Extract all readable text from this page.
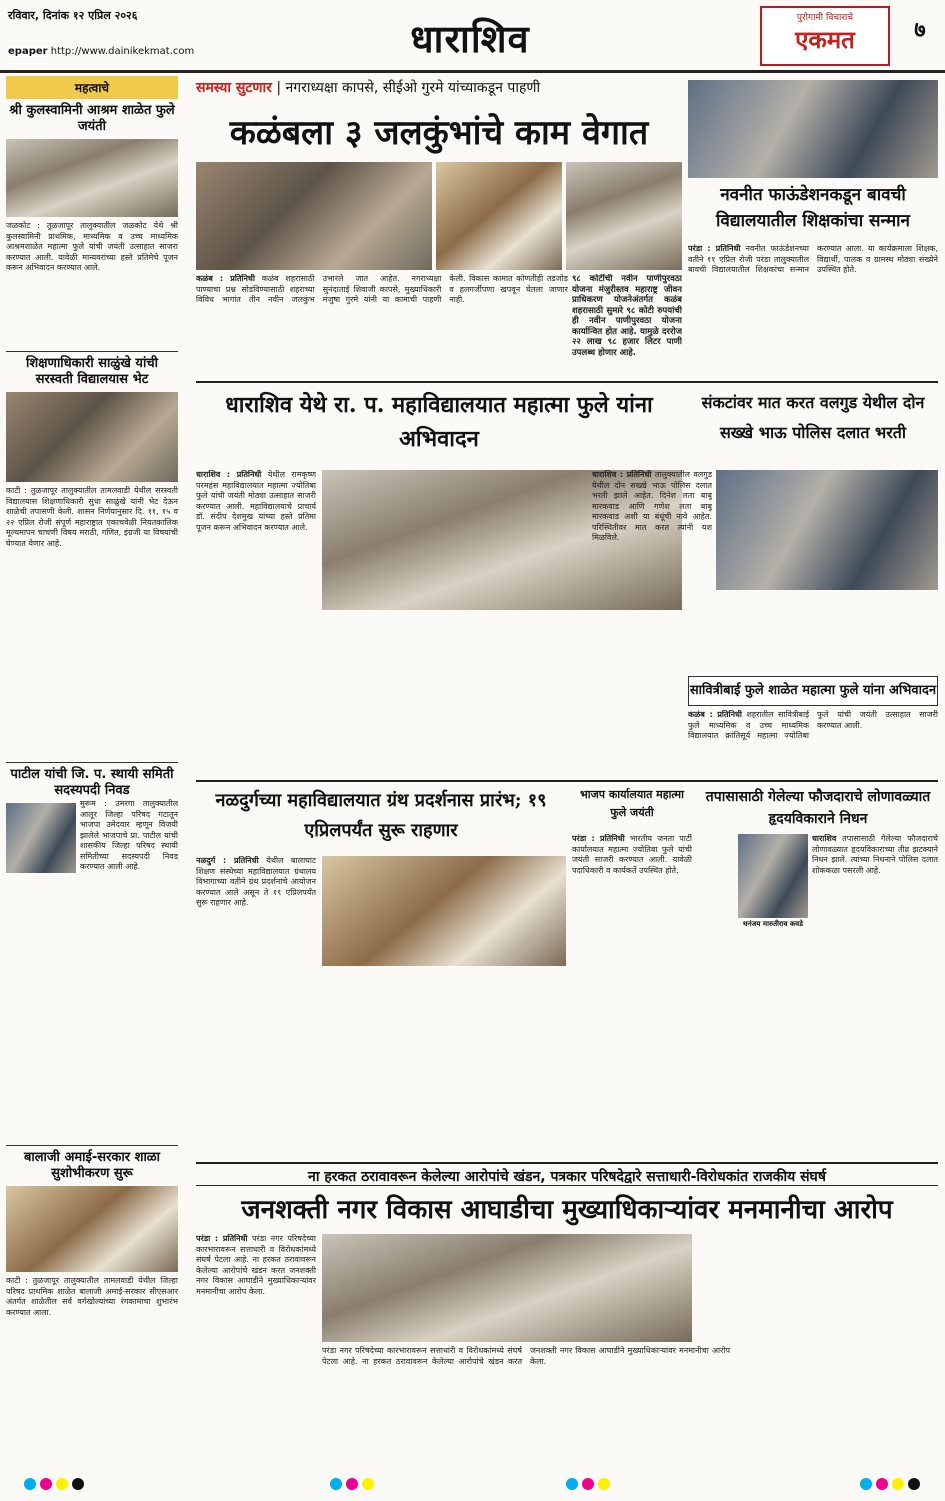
रविवार, दिनांक १२ एप्रिल २०२६
epaper http://www.dainikekmat.com	धाराशिव	पुरोगामी विचाराचे
एकमत	७
महत्वाचे
श्री कुलस्वामिनी आश्रम शाळेत फुले जयंती
जळकोट : तुळजापूर तालुक्यातील जळकोट येथे श्री कुलस्वामिनी प्राथमिक, माध्यमिक व उच्च माध्यमिक आश्रमशाळेत महात्मा फुले यांची जयंती उत्साहात साजरा करण्यात आली. यावेळी मान्यवरांच्या हस्ते प्रतिमेचे पूजन करून अभिवादन करण्यात आले.
शिक्षणाधिकारी साळुंखे यांची सरस्वती विद्यालयास भेट
काटी : तुळजापूर तालुक्यातील तामलवाडी येथील सरस्वती विद्यालयास शिक्षणाधिकारी सुधा साळुंखे यांनी भेट देऊन शाळेची तपासणी केली. शासन निर्णयानुसार दि. ११, १५ व २२ एप्रिल रोजी संपूर्ण महाराष्ट्रात एकाचवेळी नियतकालिक मूल्यमापन चाचणी विषय मराठी, गणित, इंग्रजी या विषयांची घेण्यात येणार आहे.
पाटील यांची जि. प. स्थायी समिती सदस्यपदी निवड
मुरूम : उमरगा तालुक्यातील आलूर जिल्हा परिषद गटातून भाजपा उमेदवार म्हणून विजयी झालेले भाजपाचे प्रा. पाटील यांची शासकीय जिल्हा परिषद स्थायी समितीच्या सदस्यपदी निवड करण्यात आली आहे.
बालाजी अमाई-सरकार शाळा सुशोभीकरण सुरू
काटी : तुळजापूर तालुक्यातील तामलवाडी येथील जिल्हा परिषद प्राथमिक शाळेत बालाजी अमाई-सरकार सीएसआर अंतर्गत शाळेतील सर्व वर्गखोल्यांच्या रंगकामाचा शुभारंभ करण्यात आला.
समस्या सुटणार | नगराध्यक्षा कापसे, सीईओ गुरमे यांच्याकडून पाहणी
कळंबला ३ जलकुंभांचे काम वेगात
कळंब : प्रतिनिधी कळंब शहरासाठी पाण्याचा प्रश्न सोडविण्यासाठी शहराच्या विविध भागांत तीन नवीन जलकुंभ उभारले जात आहेत. नगराध्यक्षा सुनंदाताई शिवाजी कापसे, मुख्याधिकारी मंजुषा गुरमे यांनी या कामाची पाहणी केली. विकास कामात कोणतीही तडजोड व हलगर्जीपणा खपवून घेतला जाणार नाही.
९८ कोटींची नवीन पाणीपुरवठा योजना मंजुरीस्तव महाराष्ट्र जीवन प्राधिकरण योजनेअंतर्गत कळंब शहरासाठी सुमारे ९८ कोटी रुपयांची ही नवीन पाणीपुरवठा योजना कार्यान्वित होत आहे. यामुळे दररोज २२ लाख ९८ हजार लिटर पाणी उपलब्ध होणार आहे.
नवनीत फाऊंडेशनकडून बावची विद्यालयातील शिक्षकांचा सन्मान
परंडा : प्रतिनिधी नवनीत फाऊंडेशनच्या वतीने ११ एप्रिल रोजी परंडा तालुक्यातील बावची विद्यालयातील शिक्षकांचा सन्मान करण्यात आला. या कार्यक्रमाला शिक्षक, विद्यार्थी, पालक व ग्रामस्थ मोठ्या संख्येने उपस्थित होते.
धाराशिव येथे रा. प. महाविद्यालयात महात्मा फुले यांना अभिवादन
धाराशिव : प्रतिनिधी येथील रामकृष्ण परमहंस महाविद्यालयात महात्मा ज्योतिबा फुले यांची जयंती मोठ्या उत्साहात साजरी करण्यात आली. महाविद्यालयाचे प्राचार्य डॉ. संदीप देशमुख यांच्या हस्ते प्रतिमा पूजन करून अभिवादन करण्यात आले.
संकटांवर मात करत वलगुड येथील दोन सख्खे भाऊ पोलिस दलात भरती
धाराशिव : प्रतिनिधी तालुक्यातील वलगुड येथील दोन सख्खे भाऊ पोलिस दलात भरती झाले आहेत. दिनेश लता बाबू मारकवाड आणि गणेश लता बाबू मारकवाड अशी या बंधूंची नावे आहेत. परिस्थितीवर मात करत त्यांनी यश मिळविले.
सावित्रीबाई फुले शाळेत महात्मा फुले यांना अभिवादन
कळंब : प्रतिनिधी शहरातील सावित्रीबाई फुले माध्यमिक व उच्च माध्यमिक विद्यालयात क्रांतिसूर्य महात्मा ज्योतिबा फुले यांची जयंती उत्साहात साजरी करण्यात आली.
नळदुर्गच्या महाविद्यालयात ग्रंथ प्रदर्शनास प्रारंभ; १९ एप्रिलपर्यंत सुरू राहणार
नळदुर्ग : प्रतिनिधी येथील बालाघाट शिक्षण संस्थेच्या महाविद्यालयात ग्रंथालय विभागाच्या वतीने ग्रंथ प्रदर्शनाचे आयोजन करण्यात आले असून ते १९ एप्रिलपर्यंत सुरू राहणार आहे.
भाजप कार्यालयात महात्मा फुले जयंती
परंडा : प्रतिनिधी भारतीय जनता पार्टी कार्यालयात महात्मा ज्योतिबा फुले यांची जयंती साजरी करण्यात आली. यावेळी पदाधिकारी व कार्यकर्ते उपस्थित होते.
तपासासाठी गेलेल्या फौजदाराचे लोणावळ्यात हृदयविकाराने निधन
धनंजय मारुतीराव कवडे
धाराशिव तपासासाठी गेलेल्या फौजदाराचे लोणावळ्यात हृदयविकाराच्या तीव्र झटक्याने निधन झाले. त्यांच्या निधनाने पोलिस दलात शोककळा पसरली आहे.
ना हरकत ठरावावरून केलेल्या आरोपांचे खंडन, पत्रकार परिषदेद्वारे सत्ताधारी-विरोधकांत राजकीय संघर्ष
जनशक्ती नगर विकास आघाडीचा मुख्याधिकाऱ्यांवर मनमानीचा आरोप
परंडा : प्रतिनिधी परंडा नगर परिषदेच्या कारभारावरून सत्ताधारी व विरोधकांमध्ये संघर्ष पेटला आहे. ना हरकत ठरावावरून केलेल्या आरोपांचे खंडन करत जनशक्ती नगर विकास आघाडीने मुख्याधिकाऱ्यांवर मनमानीचा आरोप केला.
परंडा नगर परिषदेच्या कारभारावरून सत्ताधारी व विरोधकांमध्ये संघर्ष पेटला आहे. ना हरकत ठरावावरून केलेल्या आरोपांचे खंडन करत जनशक्ती नगर विकास आघाडीने मुख्याधिकाऱ्यांवर मनमानीचा आरोप केला.
